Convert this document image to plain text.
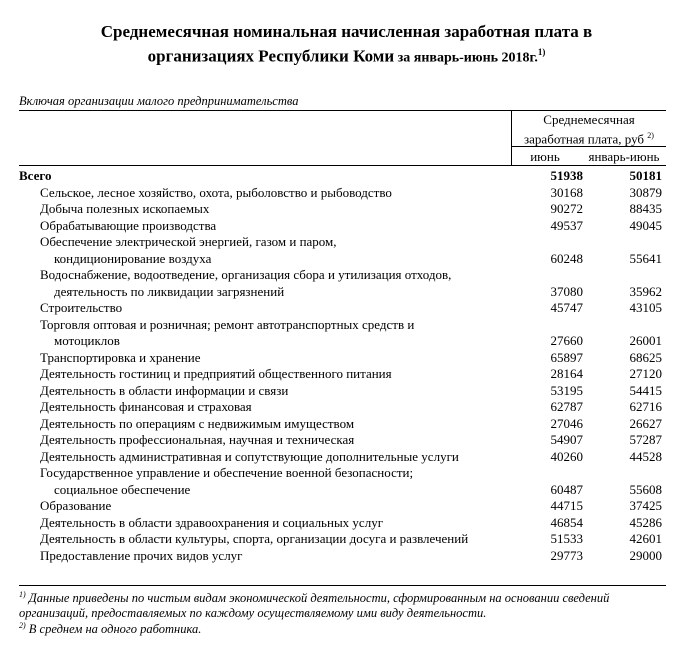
Среднемесячная номинальная начисленная заработная плата в
организациях Республики Коми за январь-июнь 2018г.$^{1)}$
Включая организации малого предпринимательства
Среднемесячная
заработная плата, руб $^{2)}$
июнь	январь-июнь
Всего	51938	50181
Сельское, лесное хозяйство, охота, рыболовство и рыбоводство	30168	30879
Добыча полезных ископаемых	90272	88435
Обрабатывающие производства	49537	49045
Обеспечение электрической энергией, газом и паром,
кондиционирование воздуха	60248	55641
Водоснабжение, водоотведение, организация сбора и утилизация отходов,
деятельность по ликвидации загрязнений	37080	35962
Строительство	45747	43105
Торговля оптовая и розничная; ремонт автотранспортных средств и
мотоциклов	27660	26001
Транспортировка и хранение	65897	68625
Деятельность гостиниц и предприятий общественного питания	28164	27120
Деятельность в области информации и связи	53195	54415
Деятельность финансовая и страховая	62787	62716
Деятельность по операциям с недвижимым имуществом	27046	26627
Деятельность профессиональная, научная и техническая	54907	57287
Деятельность административная и сопутствующие дополнительные услуги	40260	44528
Государственное управление и обеспечение военной безопасности;
социальное обеспечение	60487	55608
Образование	44715	37425
Деятельность в области здравоохранения и социальных услуг	46854	45286
Деятельность в области культуры, спорта, организации досуга и развлечений	51533	42601
Предоставление прочих видов услуг	29773	29000
$^{1)}$ Данные приведены по чистым видам экономической деятельности, сформированным на основании сведений организаций, предоставляемых по каждому осуществляемому ими виду деятельности.
$^{2)}$ В среднем на одного работника.
